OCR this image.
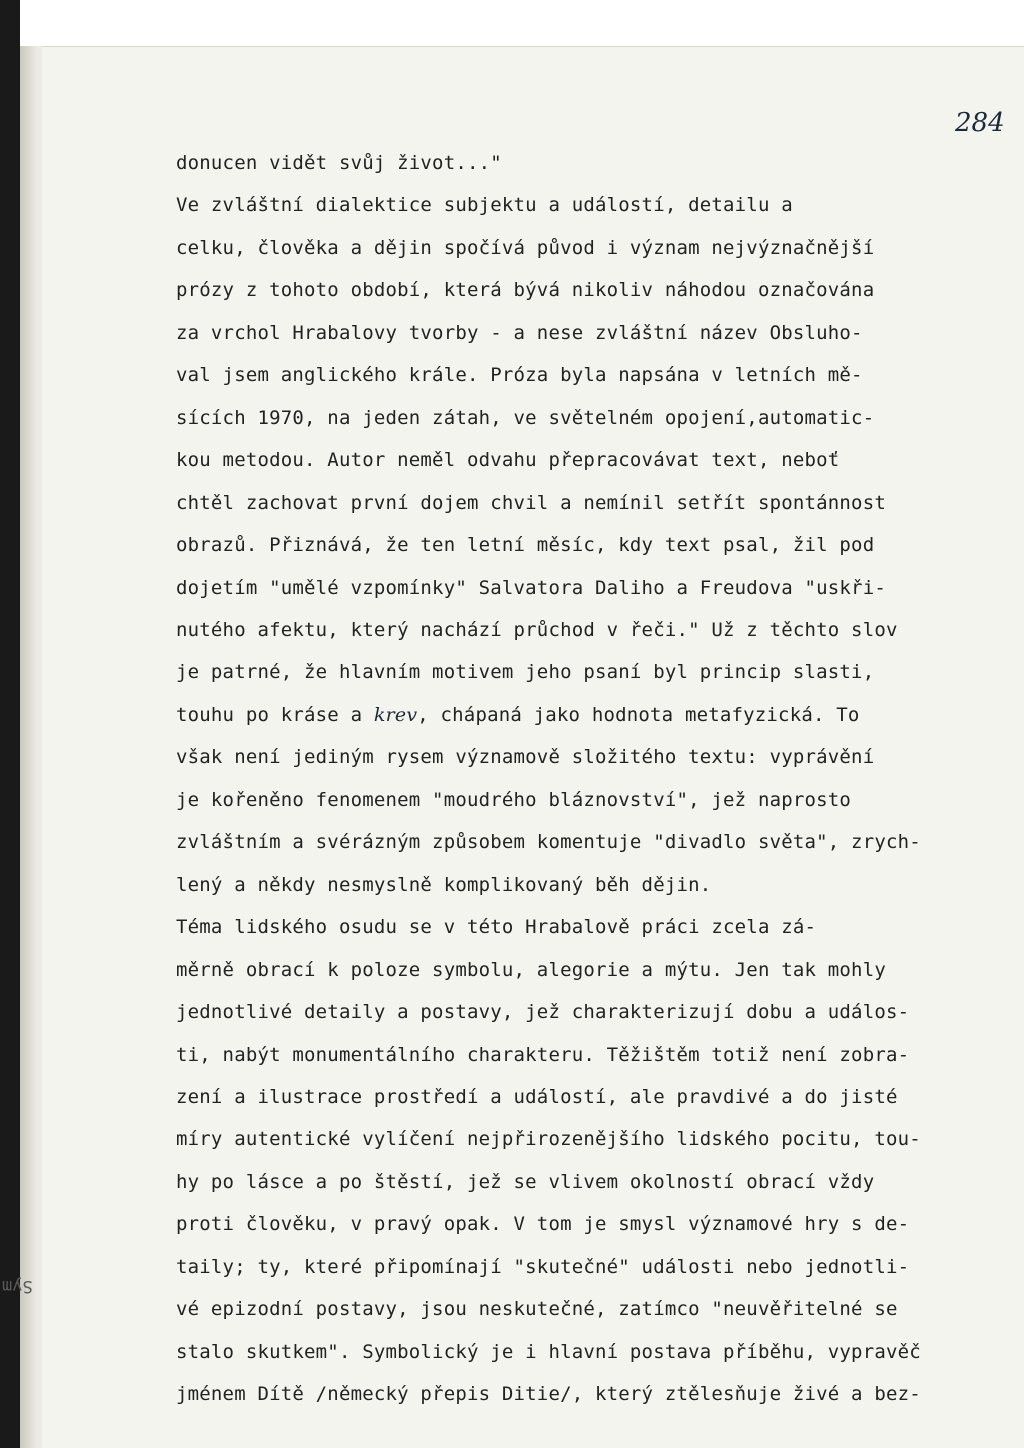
284
Sym
donucen vidět svůj život..."
Ve zvláštní dialektice subjektu a událostí, detailu a
celku, člověka a dějin spočívá původ i význam nejvýznačnější
prózy z tohoto období, která bývá nikoliv náhodou označována
za vrchol Hrabalovy tvorby - a nese zvláštní název Obsluho-
val jsem anglického krále. Próza byla napsána v letních mě-
sících 1970, na jeden zátah, ve světelném opojení,automatic-
kou metodou. Autor neměl odvahu přepracovávat text, neboť
chtěl zachovat první dojem chvil a nemínil setřít spontánnost
obrazů. Přiznává, že ten letní měsíc, kdy text psal, žil pod
dojetím "umělé vzpomínky" Salvatora Daliho a Freudova "uskři-
nutého afektu, který nachází průchod v řeči." Už z těchto slov
je patrné, že hlavním motivem jeho psaní byl princip slasti,
touhu po kráse a krev, chápaná jako hodnota metafyzická. To
však není jediným rysem významově složitého textu: vyprávění
je kořeněno fenomenem "moudrého bláznovství", jež naprosto
zvláštním a svérázným způsobem komentuje "divadlo světa", zrych-
lený a někdy nesmyslně komplikovaný běh dějin.
Téma lidského osudu se v této Hrabalově práci zcela zá-
měrně obrací k poloze symbolu, alegorie a mýtu. Jen tak mohly
jednotlivé detaily a postavy, jež charakterizují dobu a událos-
ti, nabýt monumentálního charakteru. Těžištěm totiž není zobra-
zení a ilustrace prostředí a událostí, ale pravdivé a do jisté
míry autentické vylíčení nejpřirozenějšího lidského pocitu, tou-
hy po lásce a po štěstí, jež se vlivem okolností obrací vždy
proti člověku, v pravý opak. V tom je smysl významové hry s de-
taily; ty, které připomínají "skutečné" události nebo jednotli-
vé epizodní postavy, jsou neskutečné, zatímco "neuvěřitelné se
stalo skutkem". Symbolický je i hlavní postava příběhu, vypravěč
jménem Dítě /německý přepis Ditie/, který ztělesňuje živé a bez-
